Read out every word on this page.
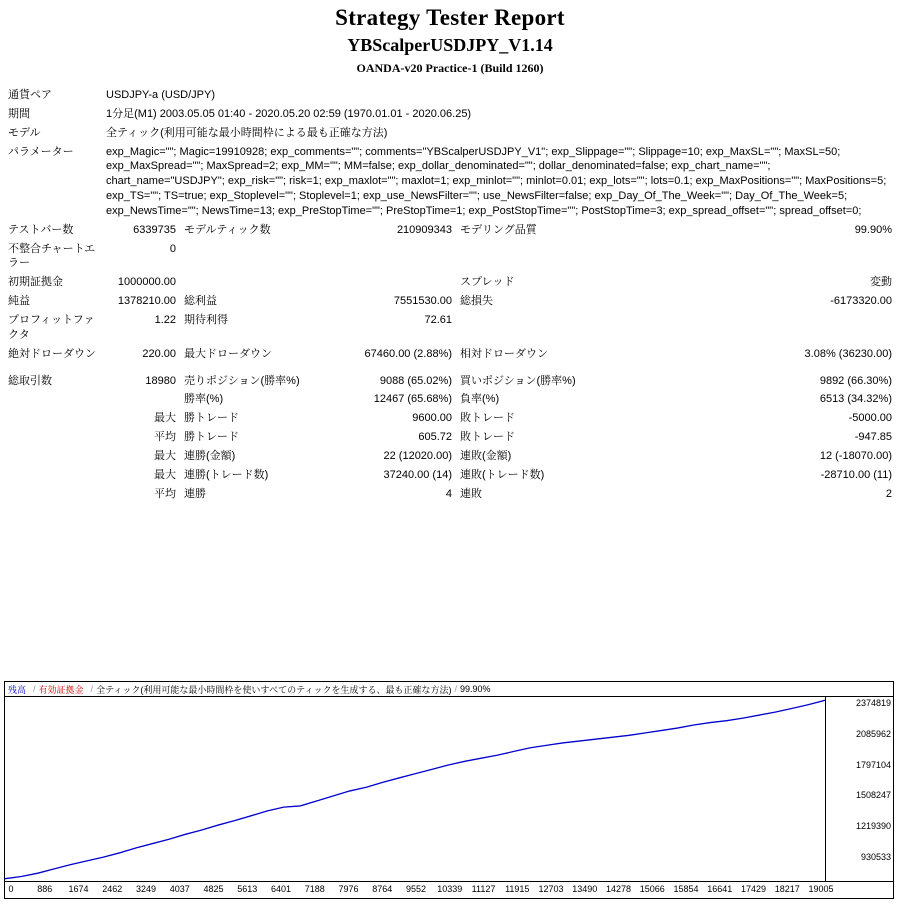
Strategy Tester Report
YBScalperUSDJPY_V1.14
OANDA-v20 Practice-1 (Build 1260)
通貨ペア	USDJPY-a (USD/JPY)				
期間	1分足(M1) 2003.05.05 01:40 - 2020.05.20 02:59 (1970.01.01 - 2020.06.25)				
モデル	全ティック(利用可能な最小時間枠による最も正確な方法)				
パラメーター	exp_Magic=""; Magic=19910928; exp_comments=""; comments="YBScalperUSDJPY_V1"; exp_Slippage=""; Slippage=10; exp_MaxSL=""; MaxSL=50; exp_MaxSpread=""; MaxSpread=2; exp_MM=""; MM=false; exp_dollar_denominated=""; dollar_denominated=false; exp_chart_name=""; chart_name="USDJPY"; exp_risk=""; risk=1; exp_maxlot=""; maxlot=1; exp_minlot=""; minlot=0.01; exp_lots=""; lots=0.1; exp_MaxPositions=""; MaxPositions=5; exp_TS=""; TS=true; exp_Stoplevel=""; Stoplevel=1; exp_use_NewsFilter=""; use_NewsFilter=false; exp_Day_Of_The_Week=""; Day_Of_The_Week=5; exp_NewsTime=""; NewsTime=13; exp_PreStopTime=""; PreStopTime=1; exp_PostStopTime=""; PostStopTime=3; exp_spread_offset=""; spread_offset=0;				
テストバー数	6339735	モデルティック数	210909343	モデリング品質	99.90%
不整合チャートエラー	0				
初期証拠金	1000000.00			スプレッド	変動
純益	1378210.00	総利益	7551530.00	総損失	-6173320.00
プロフィットファクタ	1.22	期待利得	72.61		
絶対ドローダウン	220.00	最大ドローダウン	67460.00 (2.88%)	相対ドローダウン	3.08% (36230.00)
総取引数	18980	売りポジション(勝率%)	9088 (65.02%)	買いポジション(勝率%)	9892 (66.30%)
		勝率(%)	12467 (65.68%)	負率(%)	6513 (34.32%)
	最大	勝トレード	9600.00	敗トレード	-5000.00
	平均	勝トレード	605.72	敗トレード	-947.85
	最大	連勝(金額)	22 (12020.00)	連敗(金額)	12 (-18070.00)
	最大	連勝(トレード数)	37240.00 (14)	連敗(トレード数)	-28710.00 (11)
	平均	連勝	4	連敗	2
残高 / 有効証拠金 / 全ティック(利用可能な最小時間枠を使いすべてのティックを生成する、最も正確な方法) / 99.90%
2374819
2085962
1797104
1508247
1219390
930533
0	886 1674 2462 3249 4037 4825 5613 6401 7188 7976 8764 9552 10339 11127 11915 12703 13490 14278 15066 15854 16641 17429 18217 19005
